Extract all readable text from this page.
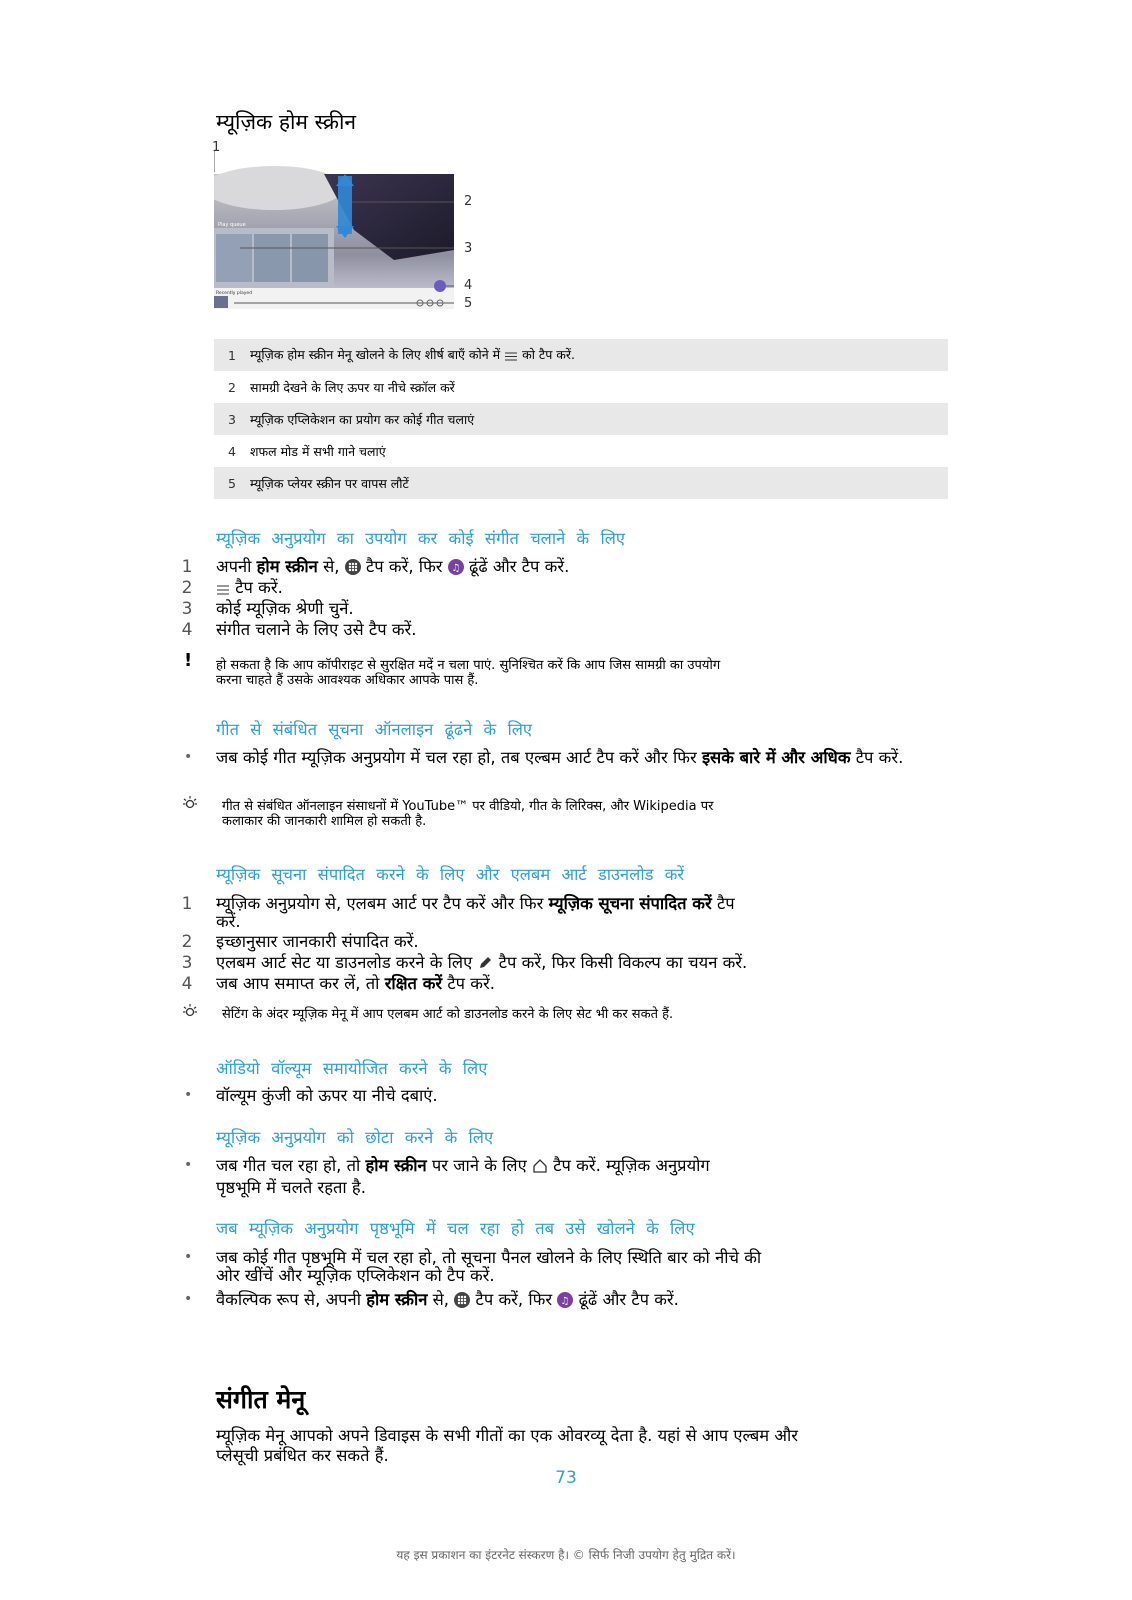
म्यूज़िक होम स्क्रीन
Play queue
Recently played
1
2
3
4
5
1	म्यूज़िक होम स्क्रीन मेनू खोलने के लिए शीर्ष बाएँ कोने में  को टैप करें.
2	सामग्री देखने के लिए ऊपर या नीचे स्क्रॉल करें
3	म्यूज़िक एप्लिकेशन का प्रयोग कर कोई गीत चलाएं
4	शफल मोड में सभी गाने चलाएं
5	म्यूज़िक प्लेयर स्क्रीन पर वापस लौटें
म्यूज़िक अनुप्रयोग का उपयोग कर कोई संगीत चलाने के लिए
1 अपनी होम स्क्रीन से,  टैप करें, फिर ♫ ढूंढें और टैप करें.
2	टैप करें.
3 कोई म्यूज़िक श्रेणी चुनें.
4 संगीत चलाने के लिए उसे टैप करें.
! हो सकता है कि आप कॉपीराइट से सुरक्षित मदें न चला पाएं. सुनिश्चित करें कि आप जिस सामग्री का उपयोग
करना चाहते हैं उसके आवश्यक अधिकार आपके पास हैं.
गीत से संबंधित सूचना ऑनलाइन ढूंढने के लिए
• जब कोई गीत म्यूज़िक अनुप्रयोग में चल रहा हो, तब एल्बम आर्ट टैप करें और फिर इसके बारे में और अधिक टैप करें.
गीत से संबंधित ऑनलाइन संसाधनों में YouTube™ पर वीडियो, गीत के लिरिक्स, और Wikipedia पर
कलाकार की जानकारी शामिल हो सकती है.
म्यूज़िक सूचना संपादित करने के लिए और एलबम आर्ट डाउनलोड करें
1 म्यूज़िक अनुप्रयोग से, एलबम आर्ट पर टैप करें और फिर म्यूज़िक सूचना संपादित करें टैप
करें.
2 इच्छानुसार जानकारी संपादित करें.
3 एलबम आर्ट सेट या डाउनलोड करने के लिए  टैप करें, फिर किसी विकल्प का चयन करें.
4 जब आप समाप्त कर लें, तो रक्षित करें टैप करें.
सेटिंग के अंदर म्यूज़िक मेनू में आप एलबम आर्ट को डाउनलोड करने के लिए सेट भी कर सकते हैं.
ऑडियो वॉल्यूम समायोजित करने के लिए
• वॉल्यूम कुंजी को ऊपर या नीचे दबाएं.
म्यूज़िक अनुप्रयोग को छोटा करने के लिए
• जब गीत चल रहा हो, तो होम स्क्रीन पर जाने के लिए  टैप करें. म्यूज़िक अनुप्रयोग
पृष्ठभूमि में चलते रहता है.
जब म्यूज़िक अनुप्रयोग पृष्ठभूमि में चल रहा हो तब उसे खोलने के लिए
• जब कोई गीत पृष्ठभूमि में चल रहा हो, तो सूचना पैनल खोलने के लिए स्थिति बार को नीचे की
ओर खींचें और म्यूज़िक एप्लिकेशन को टैप करें.
• वैकल्पिक रूप से, अपनी होम स्क्रीन से,  टैप करें, फिर ♫ ढूंढें और टैप करें.
संगीत मेनू
म्यूज़िक मेनू आपको अपने डिवाइस के सभी गीतों का एक ओवरव्यू देता है. यहां से आप एल्बम और
प्लेसूची प्रबंधित कर सकते हैं.
73
यह इस प्रकाशन का इंटरनेट संस्करण है। © सिर्फ निजी उपयोग हेतु मुद्रित करें।
